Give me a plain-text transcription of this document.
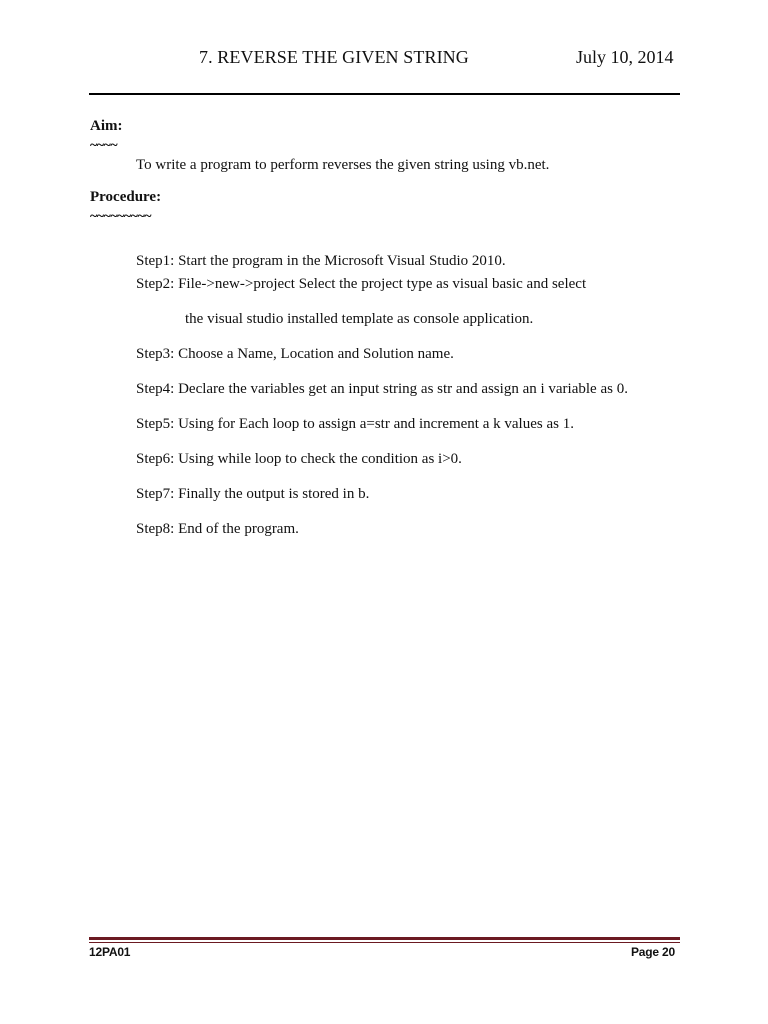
7. REVERSE THE GIVEN STRING	July 10, 2014
Aim:
~~~~
To write a program to perform reverses the given string using vb.net.
Procedure:
~~~~~~~~~
Step1: Start the program in the Microsoft Visual Studio 2010.
Step2: File->new->project Select the project type as visual basic and select
the visual studio installed template as console application.
Step3: Choose a Name, Location and Solution name.
Step4: Declare the variables get an input string as str and assign an i variable as 0.
Step5: Using for Each loop to assign a=str and increment a k values as 1.
Step6: Using while loop to check the condition as i>0.
Step7: Finally the output is stored in b.
Step8: End of the program.
12PA01	Page 20
